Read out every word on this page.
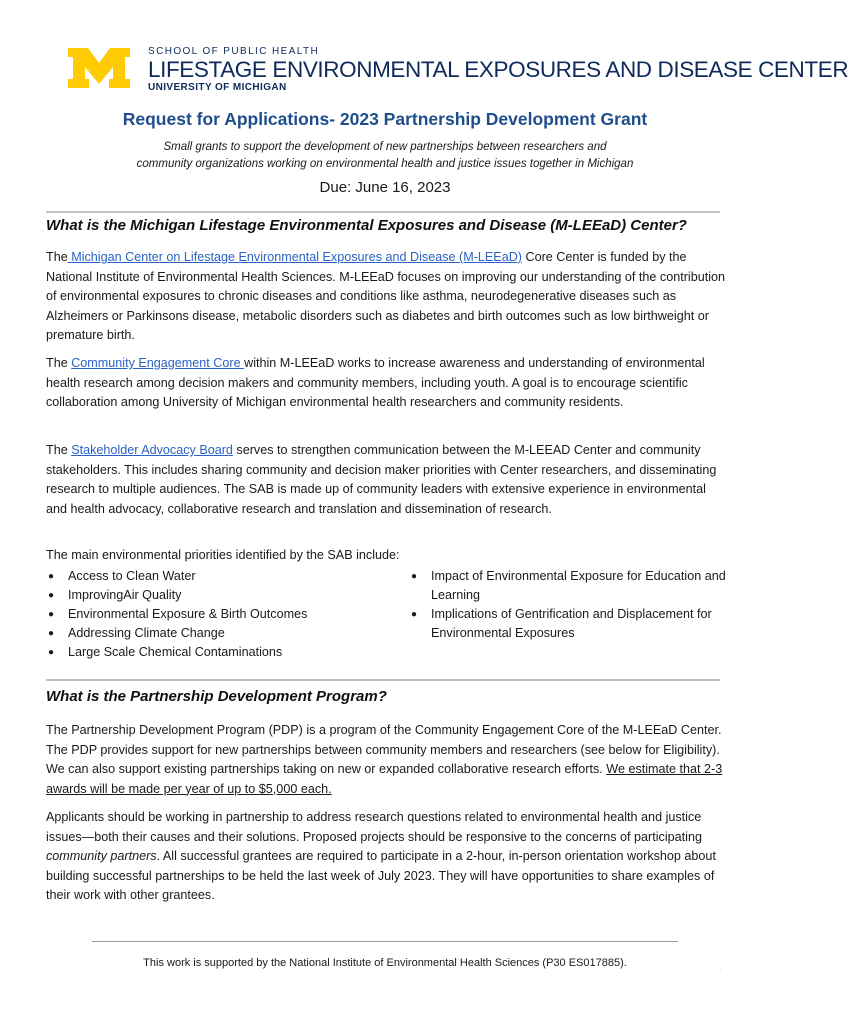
SCHOOL OF PUBLIC HEALTH
LIFESTAGE ENVIRONMENTAL EXPOSURES AND DISEASE CENTER
UNIVERSITY OF MICHIGAN
Request for Applications- 2023 Partnership Development Grant
Small grants to support the development of new partnerships between researchers and
community organizations working on environmental health and justice issues together in Michigan
Due: June 16, 2023
What is the Michigan Lifestage Environmental Exposures and Disease (M-LEEaD) Center?
The Michigan Center on Lifestage Environmental Exposures and Disease (M-LEEaD) Core Center is funded by the National Institute of Environmental Health Sciences. M-LEEaD focuses on improving our understanding of the contribution of environmental exposures to chronic diseases and conditions like asthma, neurodegenerative diseases such as Alzheimers or Parkinsons disease, metabolic disorders such as diabetes and birth outcomes such as low birthweight or premature birth.
The Community Engagement Core within M-LEEaD works to increase awareness and understanding of environmental health research among decision makers and community members, including youth. A goal is to encourage scientific collaboration among University of Michigan environmental health researchers and community residents.
The Stakeholder Advocacy Board serves to strengthen communication between the M-LEEAD Center and community stakeholders. This includes sharing community and decision maker priorities with Center researchers, and disseminating research to multiple audiences. The SAB is made up of community leaders with extensive experience in environmental and health advocacy, collaborative research and translation and dissemination of research.
The main environmental priorities identified by the SAB include:
● Access to Clean Water
● ImprovingAir Quality
● Environmental Exposure & Birth Outcomes
● Addressing Climate Change
● Large Scale Chemical Contaminations
● Impact of Environmental Exposure for Education and Learning
● Implications of Gentrification and Displacement for Environmental Exposures
What is the Partnership Development Program?
The Partnership Development Program (PDP) is a program of the Community Engagement Core of the M-LEEaD Center. The PDP provides support for new partnerships between community members and researchers (see below for Eligibility). We can also support existing partnerships taking on new or expanded collaborative research efforts. We estimate that 2-3 awards will be made per year of up to $5,000 each.
Applicants should be working in partnership to address research questions related to environmental health and justice issues—both their causes and their solutions. Proposed projects should be responsive to the concerns of participating community partners. All successful grantees are required to participate in a 2-hour, in-person orientation workshop about building successful partnerships to be held the last week of July 2023. They will have opportunities to share examples of their work with other grantees.
This work is supported by the National Institute of Environmental Health Sciences (P30 ES017885).
'
